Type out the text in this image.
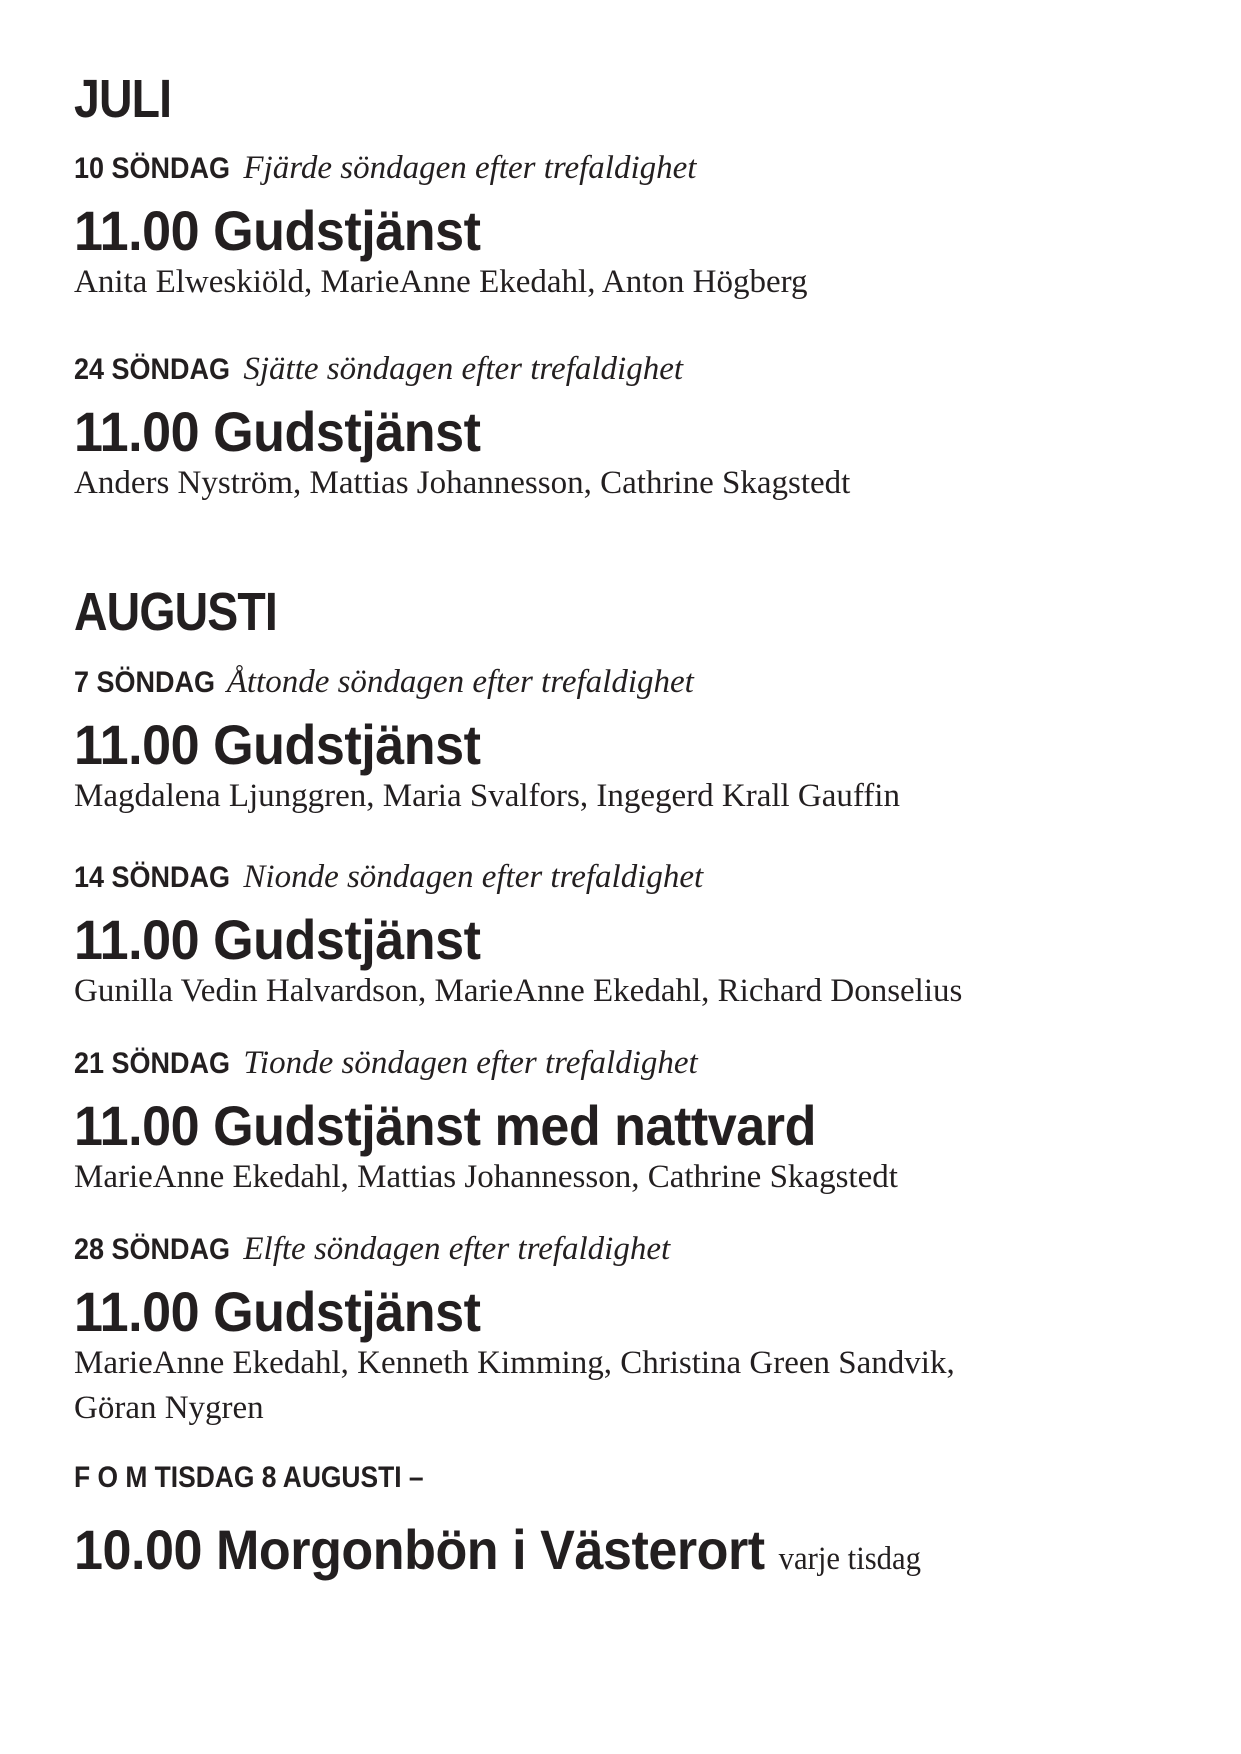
JULI
10 SÖNDAG Fjärde söndagen efter trefaldighet
11.00 Gudstjänst
Anita Elweskiöld, MarieAnne Ekedahl, Anton Högberg
24 SÖNDAG Sjätte söndagen efter trefaldighet
11.00 Gudstjänst
Anders Nyström, Mattias Johannesson, Cathrine Skagstedt
AUGUSTI
7 SÖNDAG Åttonde söndagen efter trefaldighet
11.00 Gudstjänst
Magdalena Ljunggren, Maria Svalfors, Ingegerd Krall Gauffin
14 SÖNDAG Nionde söndagen efter trefaldighet
11.00 Gudstjänst
Gunilla Vedin Halvardson, MarieAnne Ekedahl, Richard Donselius
21 SÖNDAG Tionde söndagen efter trefaldighet
11.00 Gudstjänst med nattvard
MarieAnne Ekedahl, Mattias Johannesson, Cathrine Skagstedt
28 SÖNDAG Elfte söndagen efter trefaldighet
11.00 Gudstjänst
MarieAnne Ekedahl, Kenneth Kimming, Christina Green Sandvik,
Göran Nygren
F O M TISDAG 8 AUGUSTI –
10.00 Morgonbön i Västerort varje tisdag
